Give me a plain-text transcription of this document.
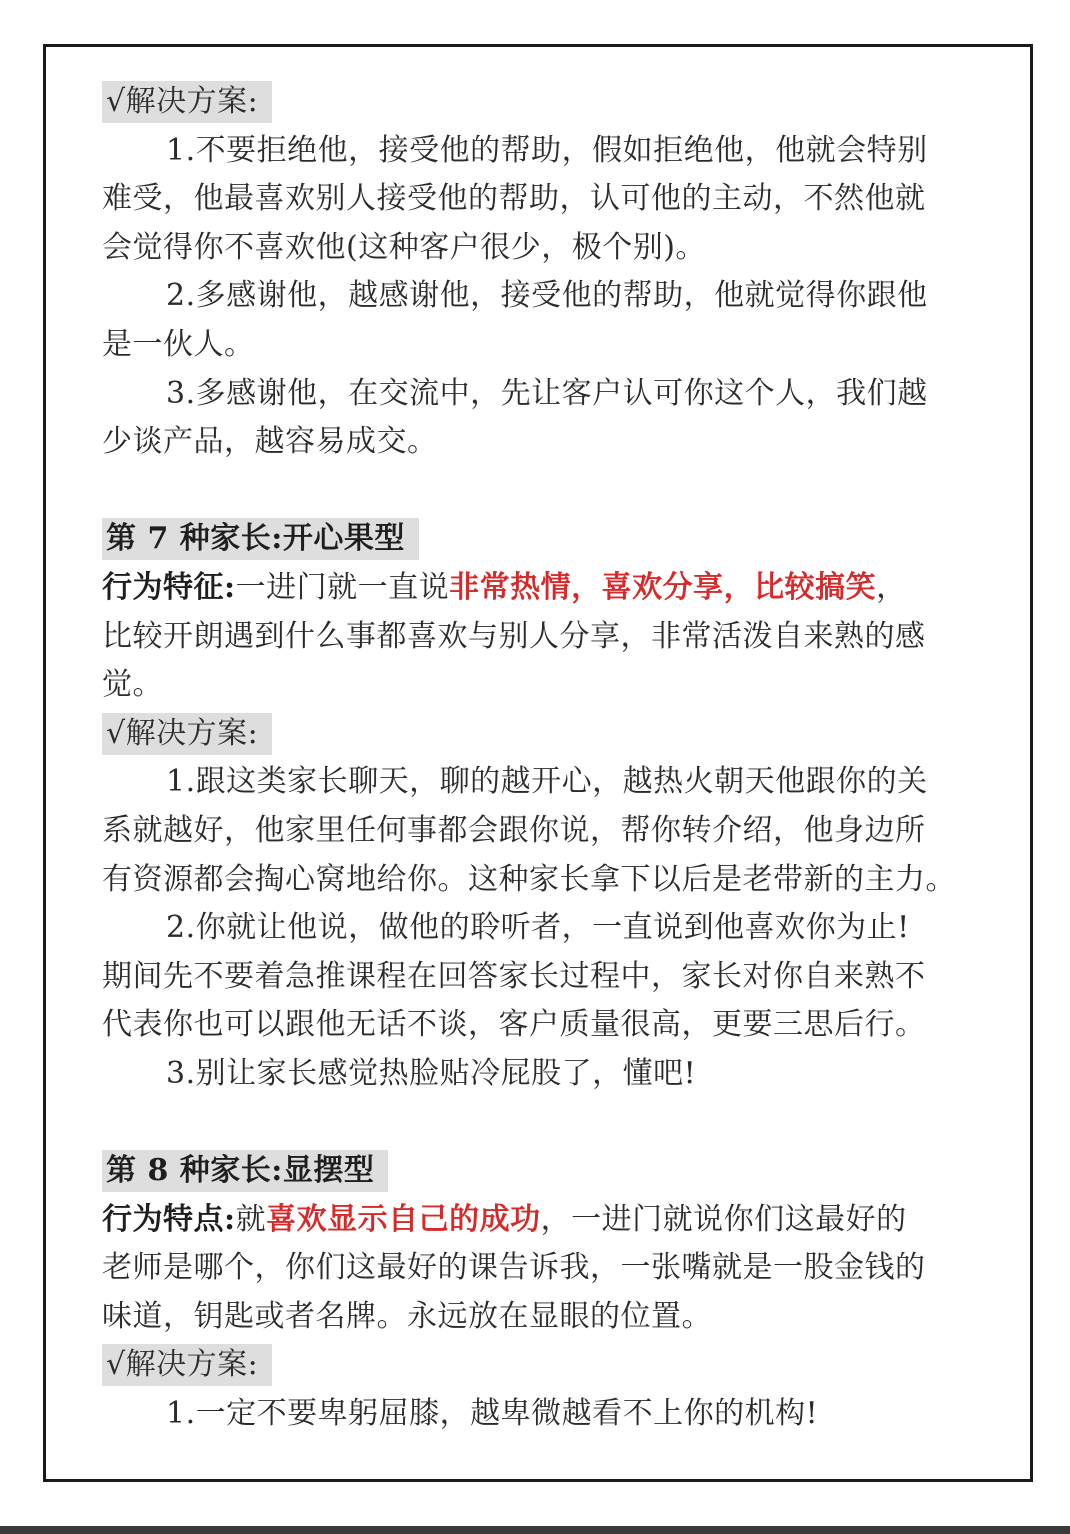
√解决方案:
1.不要拒绝他，接受他的帮助，假如拒绝他，他就会特别
难受，他最喜欢别人接受他的帮助，认可他的主动，不然他就
会觉得你不喜欢他(这种客户很少，极个别)。
2.多感谢他，越感谢他，接受他的帮助，他就觉得你跟他
是一伙人。
3.多感谢他，在交流中，先让客户认可你这个人，我们越
少谈产品，越容易成交。
第 7 种家长:开心果型
行为特征:一进门就一直说非常热情，喜欢分享，比较搞笑，
比较开朗遇到什么事都喜欢与别人分享，非常活泼自来熟的感
觉。
√解决方案:
1.跟这类家长聊天，聊的越开心，越热火朝天他跟你的关
系就越好，他家里任何事都会跟你说，帮你转介绍，他身边所
有资源都会掏心窝地给你。这种家长拿下以后是老带新的主力。
2.你就让他说，做他的聆听者，一直说到他喜欢你为止!
期间先不要着急推课程在回答家长过程中，家长对你自来熟不
代表你也可以跟他无话不谈，客户质量很高，更要三思后行。
3.别让家长感觉热脸贴冷屁股了，懂吧!
第 8 种家长:显摆型
行为特点:就喜欢显示自己的成功，一进门就说你们这最好的
老师是哪个，你们这最好的课告诉我，一张嘴就是一股金钱的
味道，钥匙或者名牌。永远放在显眼的位置。
√解决方案:
1.一定不要卑躬屈膝，越卑微越看不上你的机构!
